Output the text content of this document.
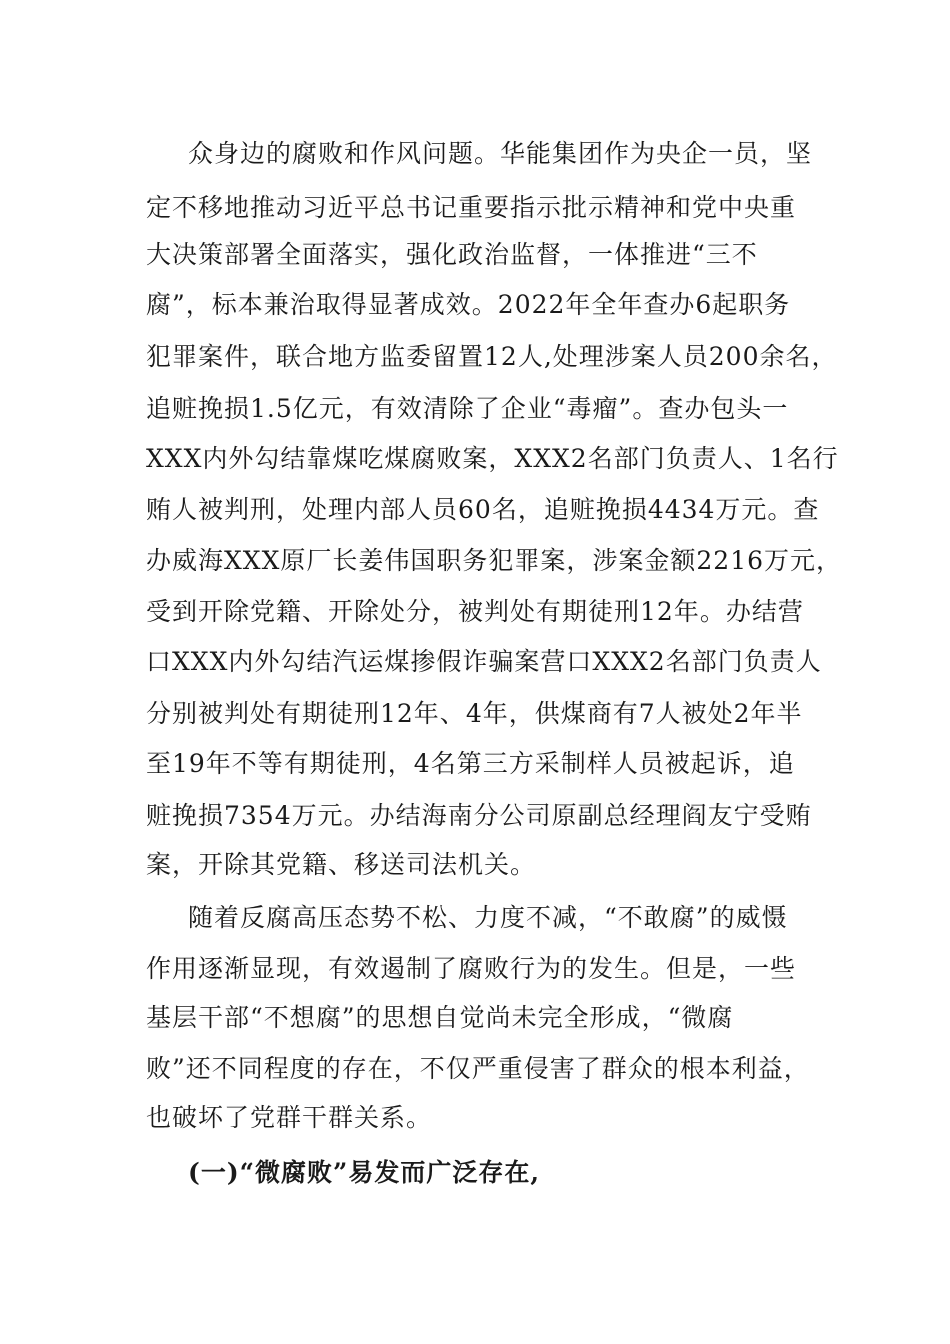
众身边的腐败和作风问题。华能集团作为央企一员，坚
定不移地推动习近平总书记重要指示批示精神和党中央重
大决策部署全面落实，强化政治监督，一体推进“三不
腐”，标本兼治取得显著成效。2022年全年查办6起职务
犯罪案件，联合地方监委留置12人,处理涉案人员200余名，
追赃挽损1.5亿元，有效清除了企业“毒瘤”。查办包头一
XXX内外勾结靠煤吃煤腐败案，XXX2名部门负责人、1名行
贿人被判刑，处理内部人员60名，追赃挽损4434万元。查
办威海XXX原厂长姜伟国职务犯罪案，涉案金额2216万元，
受到开除党籍、开除处分，被判处有期徒刑12年。办结营
口XXX内外勾结汽运煤掺假诈骗案营口XXX2名部门负责人
分别被判处有期徒刑12年、4年，供煤商有7人被处2年半
至19年不等有期徒刑，4名第三方采制样人员被起诉，追
赃挽损7354万元。办结海南分公司原副总经理阎友宁受贿
案，开除其党籍、移送司法机关。
随着反腐高压态势不松、力度不减，“不敢腐”的威慑
作用逐渐显现，有效遏制了腐败行为的发生。但是，一些
基层干部“不想腐”的思想自觉尚未完全形成，“微腐
败”还不同程度的存在，不仅严重侵害了群众的根本利益，
也破坏了党群干群关系。
(一)“微腐败”易发而广泛存在,
